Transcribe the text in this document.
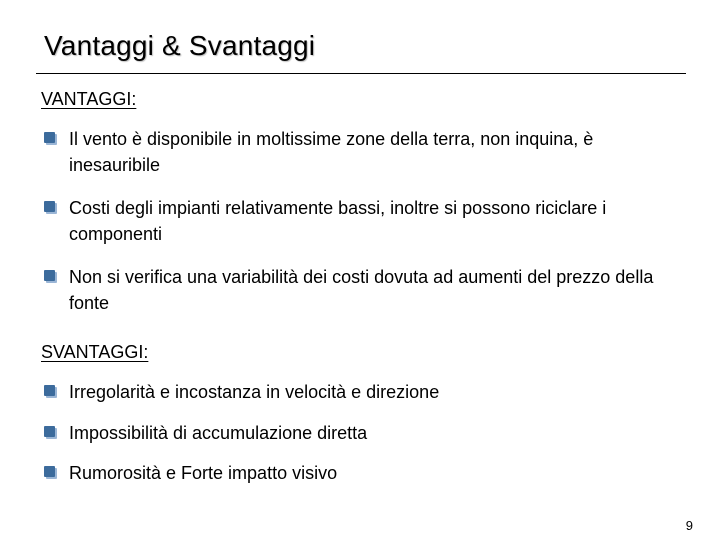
Vantaggi & Svantaggi
VANTAGGI:
Il vento è disponibile in moltissime zone della terra, non inquina, è inesauribile
Costi degli impianti relativamente bassi, inoltre si possono riciclare i componenti
Non si verifica una variabilità dei costi dovuta ad aumenti del prezzo della fonte
SVANTAGGI:
Irregolarità e incostanza in velocità e direzione
Impossibilità di accumulazione diretta
Rumorosità e Forte impatto visivo
9
